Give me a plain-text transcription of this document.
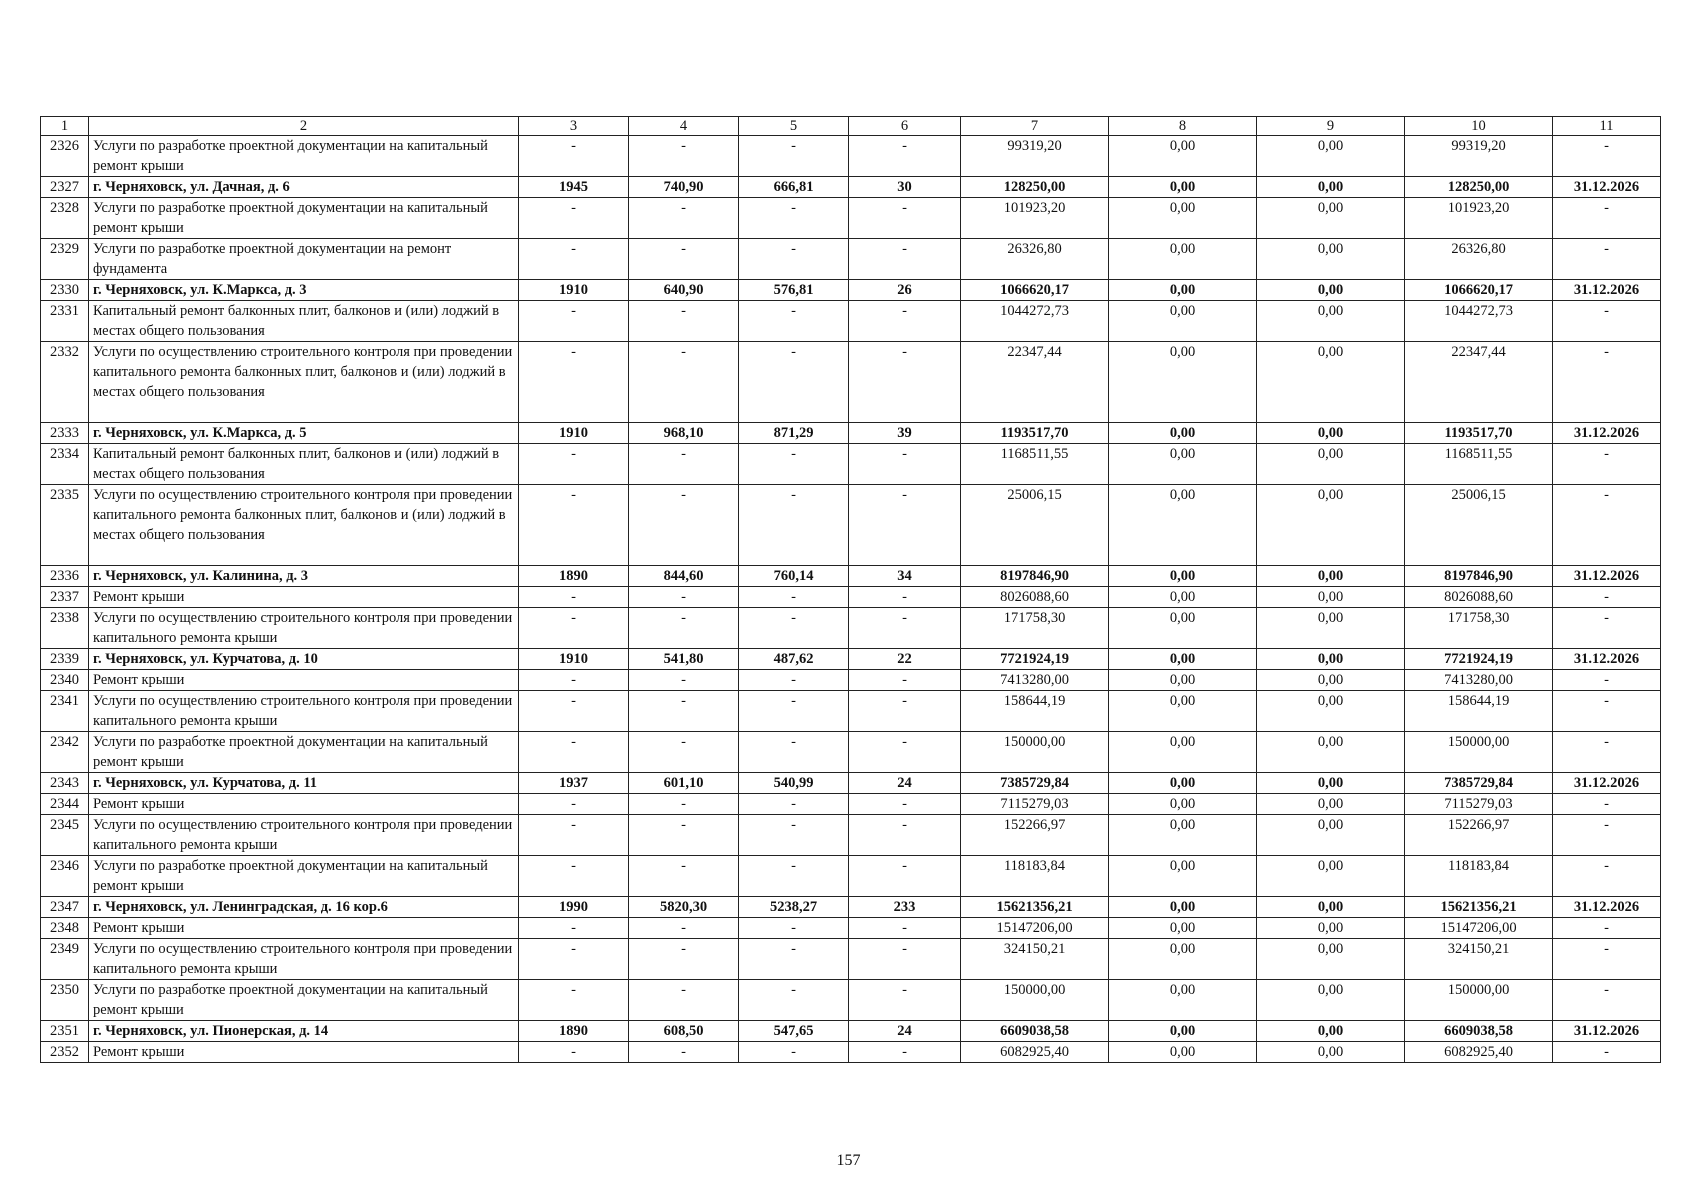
1	2	3	4	5	6	7	8	9	10	11
2326	Услуги по разработке проектной документации на капитальный ремонт крыши	-	-	-	-	99319,20	0,00	0,00	99319,20	-
2327	г. Черняховск, ул. Дачная, д. 6	1945	740,90	666,81	30	128250,00	0,00	0,00	128250,00	31.12.2026
2328	Услуги по разработке проектной документации на капитальный ремонт крыши	-	-	-	-	101923,20	0,00	0,00	101923,20	-
2329	Услуги по разработке проектной документации на ремонт фундамента	-	-	-	-	26326,80	0,00	0,00	26326,80	-
2330	г. Черняховск, ул. К.Маркса, д. 3	1910	640,90	576,81	26	1066620,17	0,00	0,00	1066620,17	31.12.2026
2331	Капитальный ремонт балконных плит, балконов и (или) лоджий в местах общего пользования	-	-	-	-	1044272,73	0,00	0,00	1044272,73	-
2332	Услуги по осуществлению строительного контроля при проведении капитального ремонта балконных плит, балконов и (или) лоджий в местах общего пользования	-	-	-	-	22347,44	0,00	0,00	22347,44	-
2333	г. Черняховск, ул. К.Маркса, д. 5	1910	968,10	871,29	39	1193517,70	0,00	0,00	1193517,70	31.12.2026
2334	Капитальный ремонт балконных плит, балконов и (или) лоджий в местах общего пользования	-	-	-	-	1168511,55	0,00	0,00	1168511,55	-
2335	Услуги по осуществлению строительного контроля при проведении капитального ремонта балконных плит, балконов и (или) лоджий в местах общего пользования	-	-	-	-	25006,15	0,00	0,00	25006,15	-
2336	г. Черняховск, ул. Калинина, д. 3	1890	844,60	760,14	34	8197846,90	0,00	0,00	8197846,90	31.12.2026
2337	Ремонт крыши	-	-	-	-	8026088,60	0,00	0,00	8026088,60	-
2338	Услуги по осуществлению строительного контроля при проведении капитального ремонта крыши	-	-	-	-	171758,30	0,00	0,00	171758,30	-
2339	г. Черняховск, ул. Курчатова, д. 10	1910	541,80	487,62	22	7721924,19	0,00	0,00	7721924,19	31.12.2026
2340	Ремонт крыши	-	-	-	-	7413280,00	0,00	0,00	7413280,00	-
2341	Услуги по осуществлению строительного контроля при проведении капитального ремонта крыши	-	-	-	-	158644,19	0,00	0,00	158644,19	-
2342	Услуги по разработке проектной документации на капитальный ремонт крыши	-	-	-	-	150000,00	0,00	0,00	150000,00	-
2343	г. Черняховск, ул. Курчатова, д. 11	1937	601,10	540,99	24	7385729,84	0,00	0,00	7385729,84	31.12.2026
2344	Ремонт крыши	-	-	-	-	7115279,03	0,00	0,00	7115279,03	-
2345	Услуги по осуществлению строительного контроля при проведении капитального ремонта крыши	-	-	-	-	152266,97	0,00	0,00	152266,97	-
2346	Услуги по разработке проектной документации на капитальный ремонт крыши	-	-	-	-	118183,84	0,00	0,00	118183,84	-
2347	г. Черняховск, ул. Ленинградская, д. 16 кор.6	1990	5820,30	5238,27	233	15621356,21	0,00	0,00	15621356,21	31.12.2026
2348	Ремонт крыши	-	-	-	-	15147206,00	0,00	0,00	15147206,00	-
2349	Услуги по осуществлению строительного контроля при проведении капитального ремонта крыши	-	-	-	-	324150,21	0,00	0,00	324150,21	-
2350	Услуги по разработке проектной документации на капитальный ремонт крыши	-	-	-	-	150000,00	0,00	0,00	150000,00	-
2351	г. Черняховск, ул. Пионерская, д. 14	1890	608,50	547,65	24	6609038,58	0,00	0,00	6609038,58	31.12.2026
2352	Ремонт крыши	-	-	-	-	6082925,40	0,00	0,00	6082925,40	-
157
